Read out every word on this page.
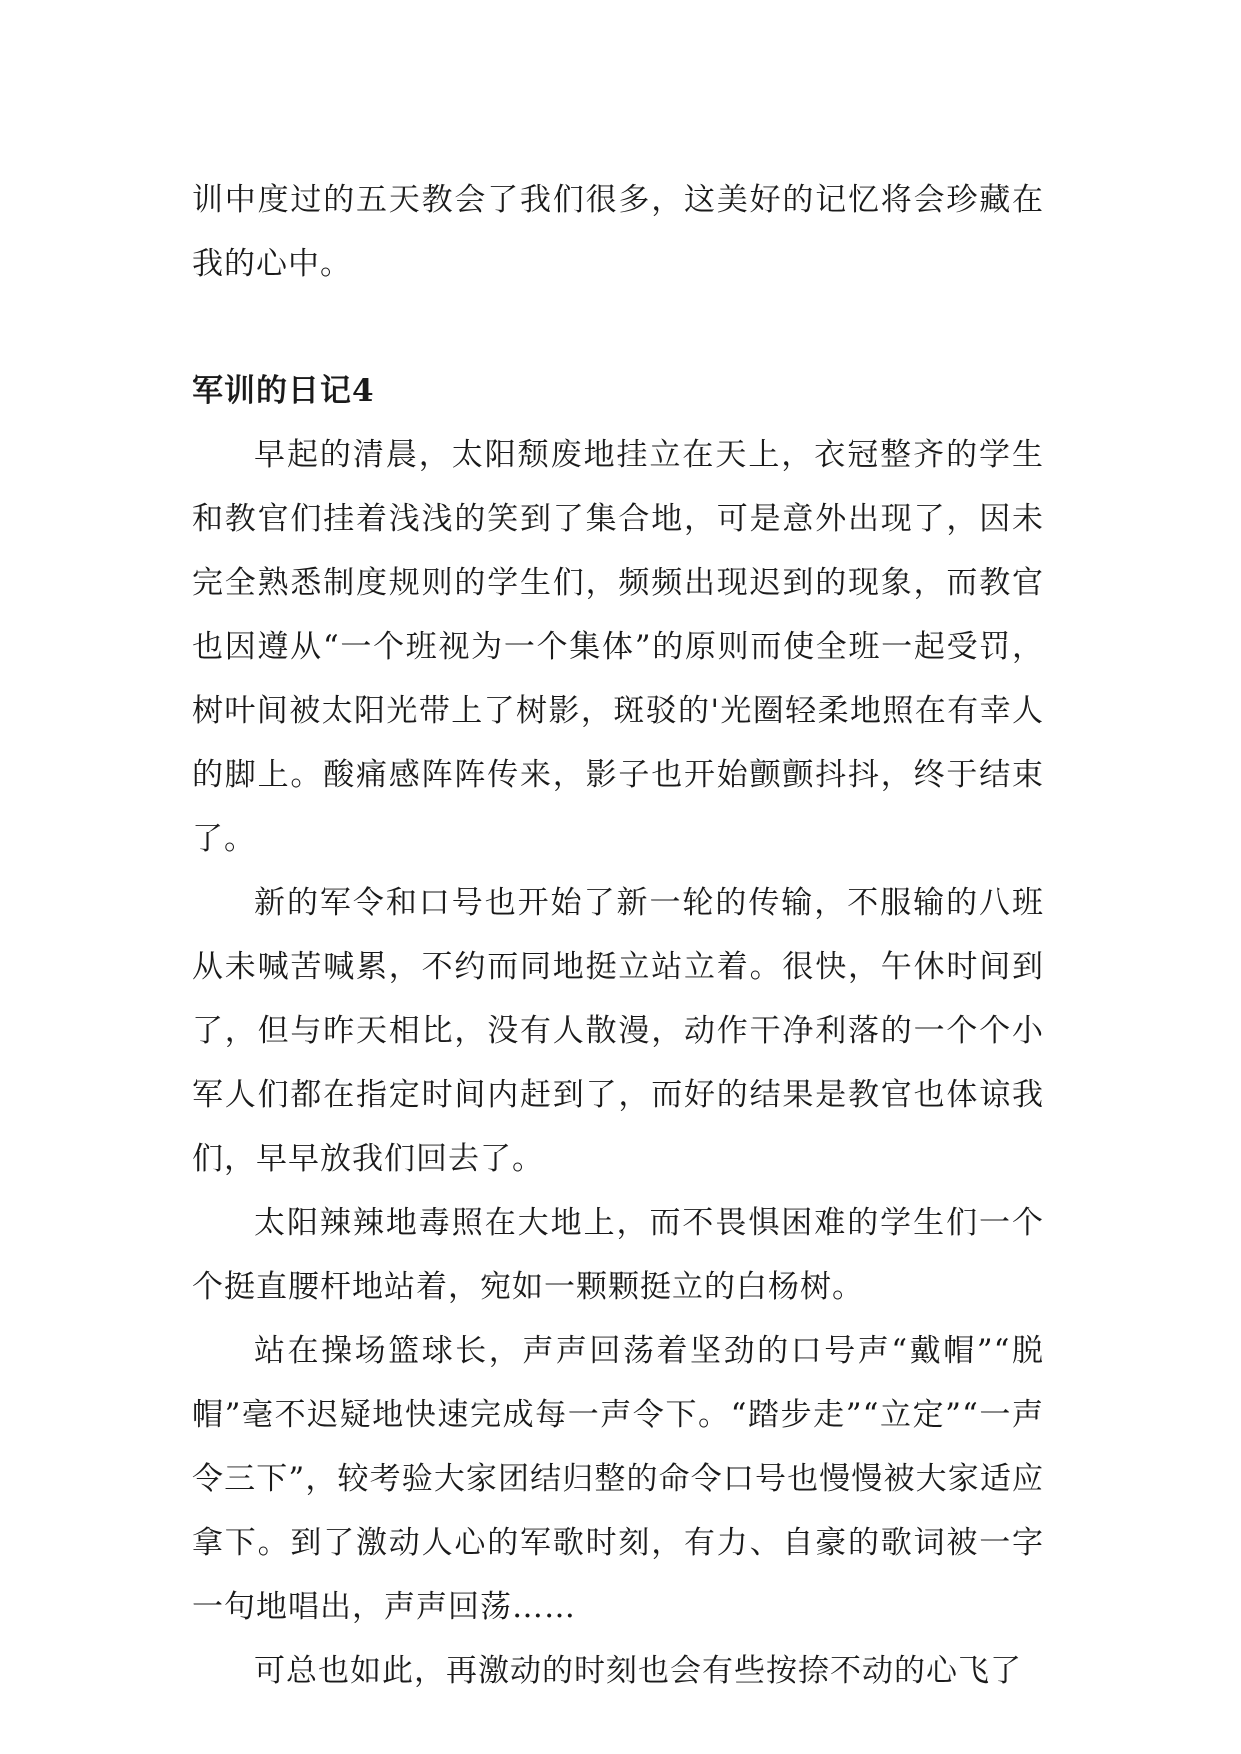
训中度过的五天教会了我们很多，这美好的记忆将会珍藏在我的心中。

军训的日记4

早起的清晨，太阳颓废地挂立在天上，衣冠整齐的学生和教官们挂着浅浅的笑到了集合地，可是意外出现了，因未完全熟悉制度规则的学生们，频频出现迟到的现象，而教官也因遵从“一个班视为一个集体”的原则而使全班一起受罚，树叶间被太阳光带上了树影，斑驳的'光圈轻柔地照在有幸人的脚上。酸痛感阵阵传来，影子也开始颤颤抖抖，终于结束了。

新的军令和口号也开始了新一轮的传输，不服输的八班从未喊苦喊累，不约而同地挺立站立着。很快，午休时间到了，但与昨天相比，没有人散漫，动作干净利落的一个个小军人们都在指定时间内赶到了，而好的结果是教官也体谅我们，早早放我们回去了。

太阳辣辣地毒照在大地上，而不畏惧困难的学生们一个个挺直腰杆地站着，宛如一颗颗挺立的白杨树。

站在操场篮球长，声声回荡着坚劲的口号声“戴帽”“脱帽”毫不迟疑地快速完成每一声令下。“踏步走”“立定”“一声令三下”，较考验大家团结归整的命令口号也慢慢被大家适应拿下。到了激动人心的军歌时刻，有力、自豪的歌词被一字一句地唱出，声声回荡……

可总也如此，再激动的时刻也会有些按捺不动的心飞了
